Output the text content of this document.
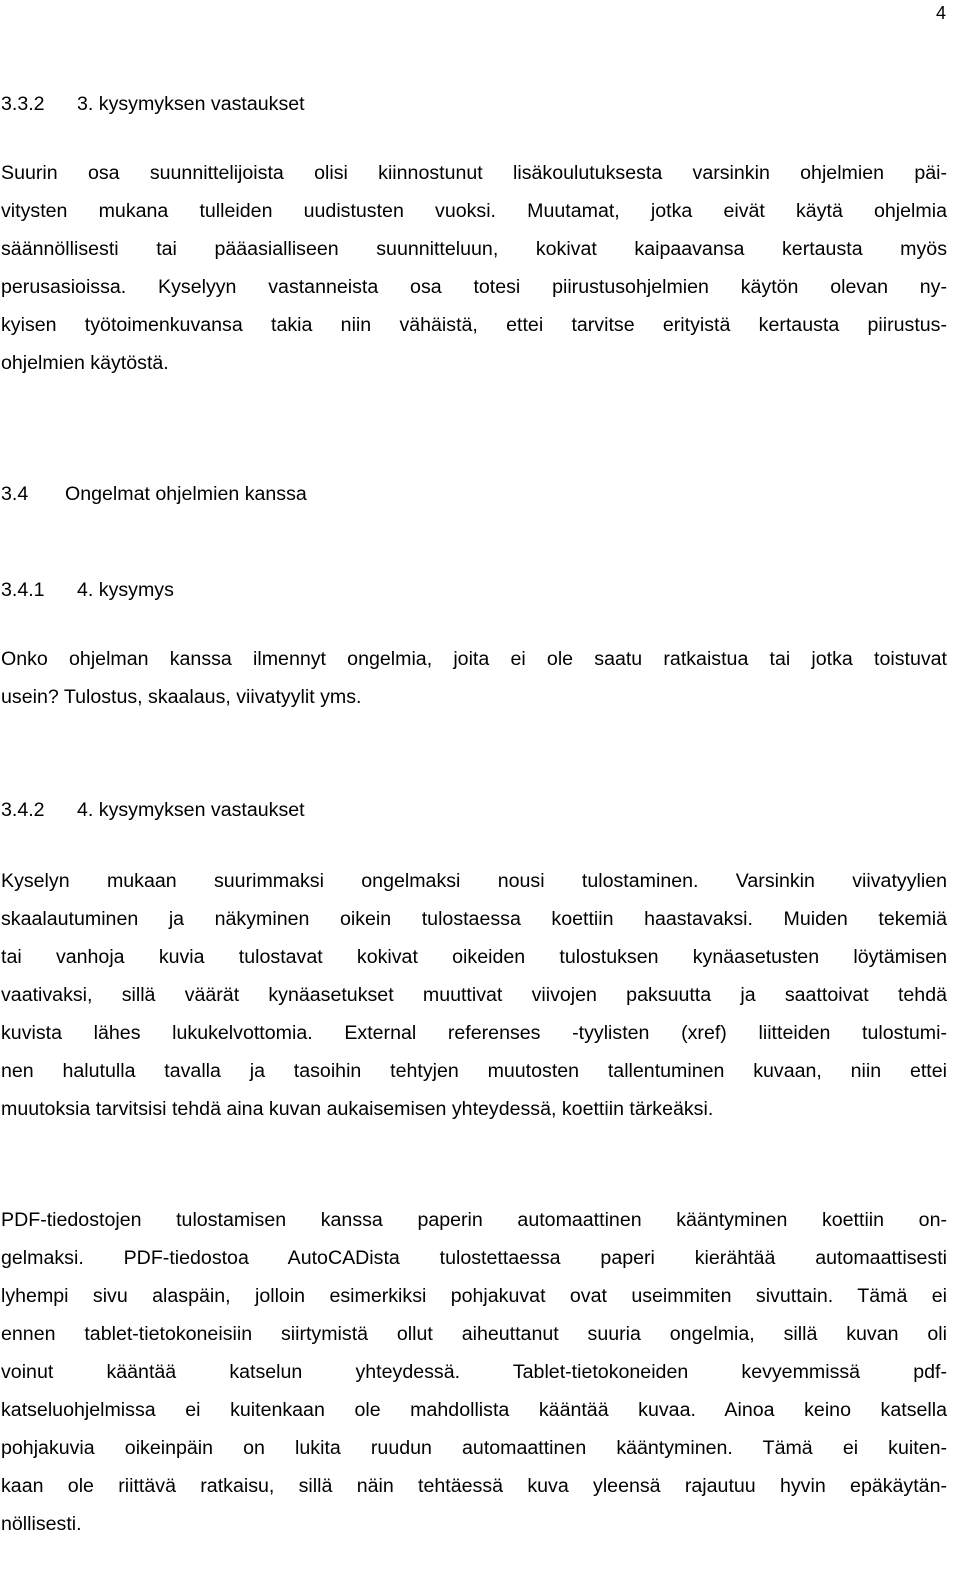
4
3.3.2 3. kysymyksen vastaukset
Suurin osa suunnittelijoista olisi kiinnostunut lisäkoulutuksesta varsinkin ohjelmien päi-
vitysten mukana tulleiden uudistusten vuoksi. Muutamat, jotka eivät käytä ohjelmia
säännöllisesti tai pääasialliseen suunnitteluun, kokivat kaipaavansa kertausta myös
perusasioissa. Kyselyyn vastanneista osa totesi piirustusohjelmien käytön olevan ny-
kyisen työtoimenkuvansa takia niin vähäistä, ettei tarvitse erityistä kertausta piirustus-
ohjelmien käytöstä.
3.4 Ongelmat ohjelmien kanssa
3.4.1 4. kysymys
Onko ohjelman kanssa ilmennyt ongelmia, joita ei ole saatu ratkaistua tai jotka toistuvat
usein? Tulostus, skaalaus, viivatyylit yms.
3.4.2 4. kysymyksen vastaukset
Kyselyn mukaan suurimmaksi ongelmaksi nousi tulostaminen. Varsinkin viivatyylien
skaalautuminen ja näkyminen oikein tulostaessa koettiin haastavaksi. Muiden tekemiä
tai vanhoja kuvia tulostavat kokivat oikeiden tulostuksen kynäasetusten löytämisen
vaativaksi, sillä väärät kynäasetukset muuttivat viivojen paksuutta ja saattoivat tehdä
kuvista lähes lukukelvottomia. External referenses -tyylisten (xref) liitteiden tulostumi-
nen halutulla tavalla ja tasoihin tehtyjen muutosten tallentuminen kuvaan, niin ettei
muutoksia tarvitsisi tehdä aina kuvan aukaisemisen yhteydessä, koettiin tärkeäksi.
PDF-tiedostojen tulostamisen kanssa paperin automaattinen kääntyminen koettiin on-
gelmaksi. PDF-tiedostoa AutoCADista tulostettaessa paperi kierähtää automaattisesti
lyhempi sivu alaspäin, jolloin esimerkiksi pohjakuvat ovat useimmiten sivuttain. Tämä ei
ennen tablet-tietokoneisiin siirtymistä ollut aiheuttanut suuria ongelmia, sillä kuvan oli
voinut kääntää katselun yhteydessä. Tablet-tietokoneiden kevyemmissä pdf-
katseluohjelmissa ei kuitenkaan ole mahdollista kääntää kuvaa. Ainoa keino katsella
pohjakuvia oikeinpäin on lukita ruudun automaattinen kääntyminen. Tämä ei kuiten-
kaan ole riittävä ratkaisu, sillä näin tehtäessä kuva yleensä rajautuu hyvin epäkäytän-
nöllisesti.
